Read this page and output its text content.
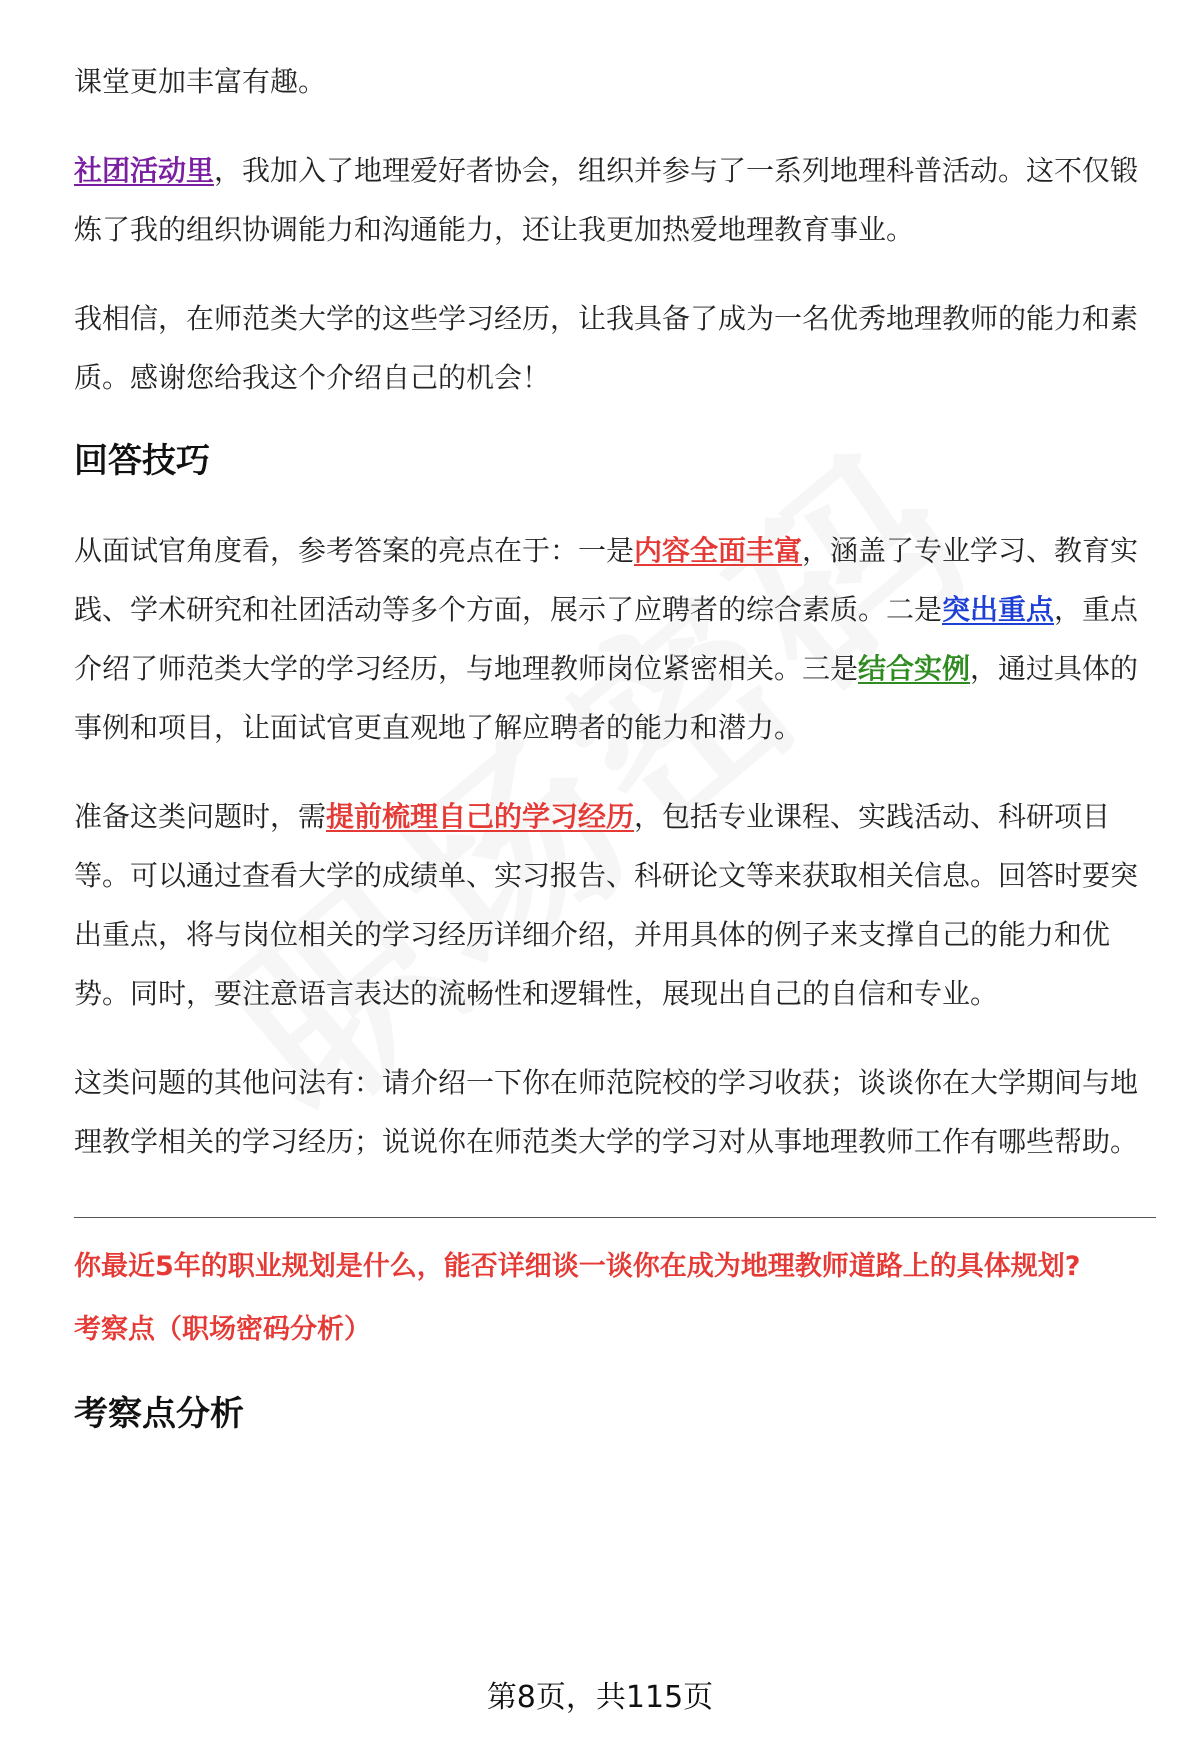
课堂更加丰富有趣。

社团活动里，我加入了地理爱好者协会，组织并参与了一系列地理科普活动。这不仅锻炼了我的组织协调能力和沟通能力，还让我更加热爱地理教育事业。

我相信，在师范类大学的这些学习经历，让我具备了成为一名优秀地理教师的能力和素质。感谢您给我这个介绍自己的机会！

回答技巧

从面试官角度看，参考答案的亮点在于：一是内容全面丰富，涵盖了专业学习、教育实践、学术研究和社团活动等多个方面，展示了应聘者的综合素质。二是突出重点，重点介绍了师范类大学的学习经历，与地理教师岗位紧密相关。三是结合实例，通过具体的事例和项目，让面试官更直观地了解应聘者的能力和潜力。

准备这类问题时，需提前梳理自己的学习经历，包括专业课程、实践活动、科研项目等。可以通过查看大学的成绩单、实习报告、科研论文等来获取相关信息。回答时要突出重点，将与岗位相关的学习经历详细介绍，并用具体的例子来支撑自己的能力和优势。同时，要注意语言表达的流畅性和逻辑性，展现出自己的自信和专业。

这类问题的其他问法有：请介绍一下你在师范院校的学习收获；谈谈你在大学期间与地理教学相关的学习经历；说说你在师范类大学的学习对从事地理教师工作有哪些帮助。

你最近5年的职业规划是什么，能否详细谈一谈你在成为地理教师道路上的具体规划?
考察点（职场密码分析）
考察点分析
第8页，共115页
